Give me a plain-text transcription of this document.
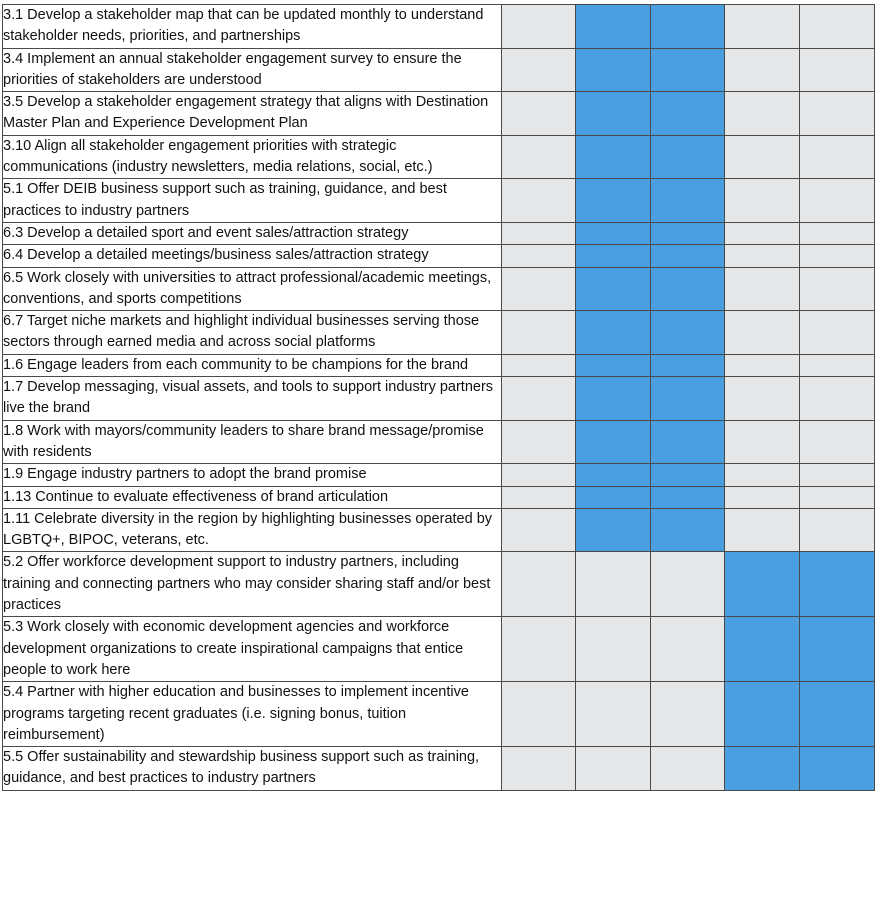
3.1 Develop a stakeholder map that can be updated monthly to understand stakeholder needs, priorities, and partnerships					
3.4 Implement an annual stakeholder engagement survey to ensure the priorities of stakeholders are understood					
3.5 Develop a stakeholder engagement strategy that aligns with Destination Master Plan and Experience Development Plan					
3.10 Align all stakeholder engagement priorities with strategic communications (industry newsletters, media relations, social, etc.)					
5.1 Offer DEIB business support such as training, guidance, and best practices to industry partners					
6.3 Develop a detailed sport and event sales/attraction strategy					
6.4 Develop a detailed meetings/business sales/attraction strategy					
6.5 Work closely with universities to attract professional/academic meetings, conventions, and sports competitions					
6.7 Target niche markets and highlight individual businesses serving those sectors through earned media and across social platforms					
1.6 Engage leaders from each community to be champions for the brand					
1.7 Develop messaging, visual assets, and tools to support industry partners live the brand					
1.8 Work with mayors/community leaders to share brand message/promise with residents					
1.9 Engage industry partners to adopt the brand promise					
1.13 Continue to evaluate effectiveness of brand articulation					
1.11 Celebrate diversity in the region by highlighting businesses operated by LGBTQ+, BIPOC, veterans, etc.					
5.2 Offer workforce development support to industry partners, including training and connecting partners who may consider sharing staff and/or best practices					
5.3 Work closely with economic development agencies and workforce development organizations to create inspirational campaigns that entice people to work here					
5.4 Partner with higher education and businesses to implement incentive programs targeting recent graduates (i.e. signing bonus, tuition reimbursement)					
5.5 Offer sustainability and stewardship business support such as training, guidance, and best practices to industry partners					
